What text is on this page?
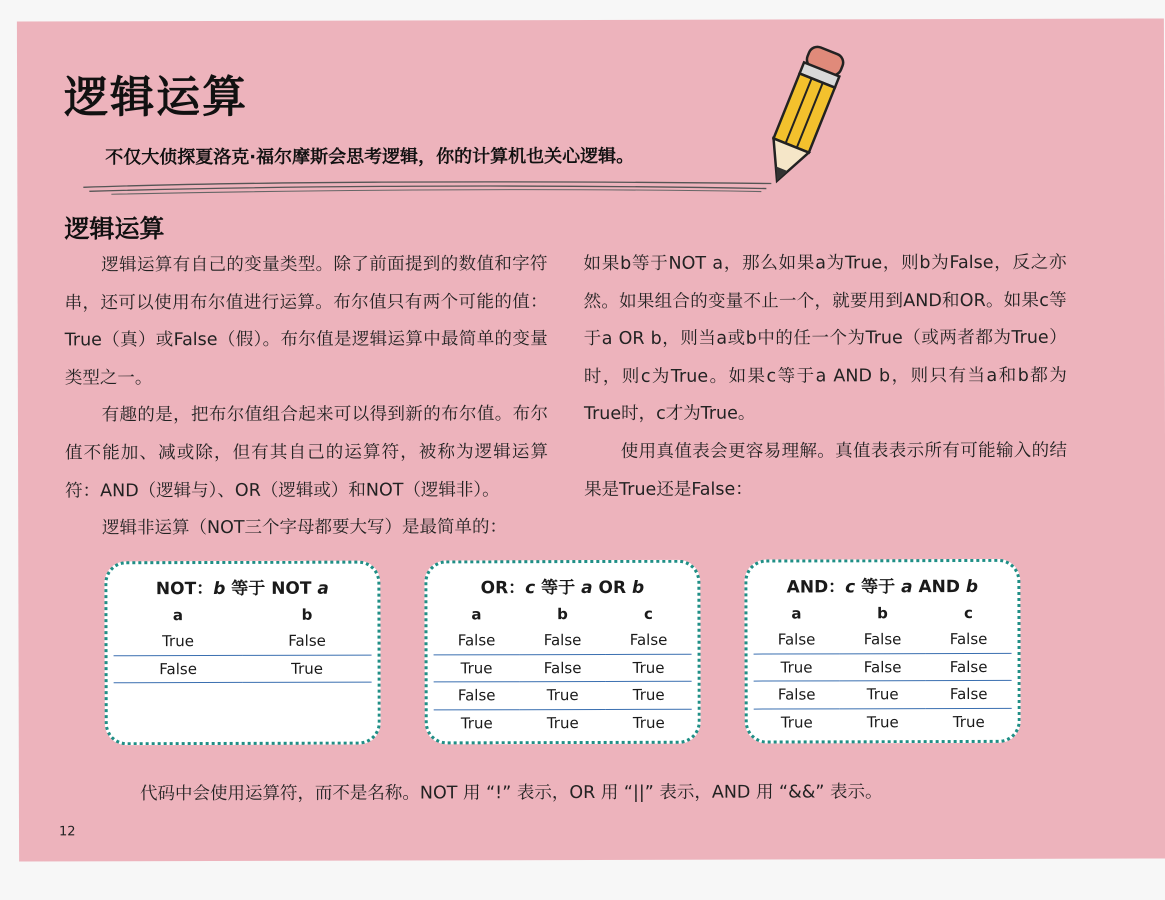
逻辑运算
不仅大侦探夏洛克·福尔摩斯会思考逻辑，你的计算机也关心逻辑。
逻辑运算

逻辑运算有自己的变量类型。除了前面提到的数值和字符串，还可以使用布尔值进行运算。布尔值只有两个可能的值：True（真）或False（假）。布尔值是逻辑运算中最简单的变量类型之一。

有趣的是，把布尔值组合起来可以得到新的布尔值。布尔值不能加、减或除，但有其自己的运算符，被称为逻辑运算符：AND（逻辑与）、OR（逻辑或）和NOT（逻辑非）。

逻辑非运算（NOT三个字母都要大写）是最简单的：

如果b等于NOT a，那么如果a为True，则b为False，反之亦然。如果组合的变量不止一个，就要用到AND和OR。如果c等于a OR b，则当a或b中的任一个为True（或两者都为True）时，则c为True。如果c等于a AND b，则只有当a和b都为True时，c才为True。

使用真值表会更容易理解。真值表表示所有可能输入的结果是True还是False：

NOT：b 等于 NOT a
a	b
True	False
False	True
OR：c 等于 a OR b
a	b	c
False	False	False
True	False	True
False	True	True
True	True	True
AND：c 等于 a AND b
a	b	c
False	False	False
True	False	False
False	True	False
True	True	True
代码中会使用运算符，而不是名称。NOT 用 “!” 表示，OR 用 “||” 表示，AND 用 “&&” 表示。
12
